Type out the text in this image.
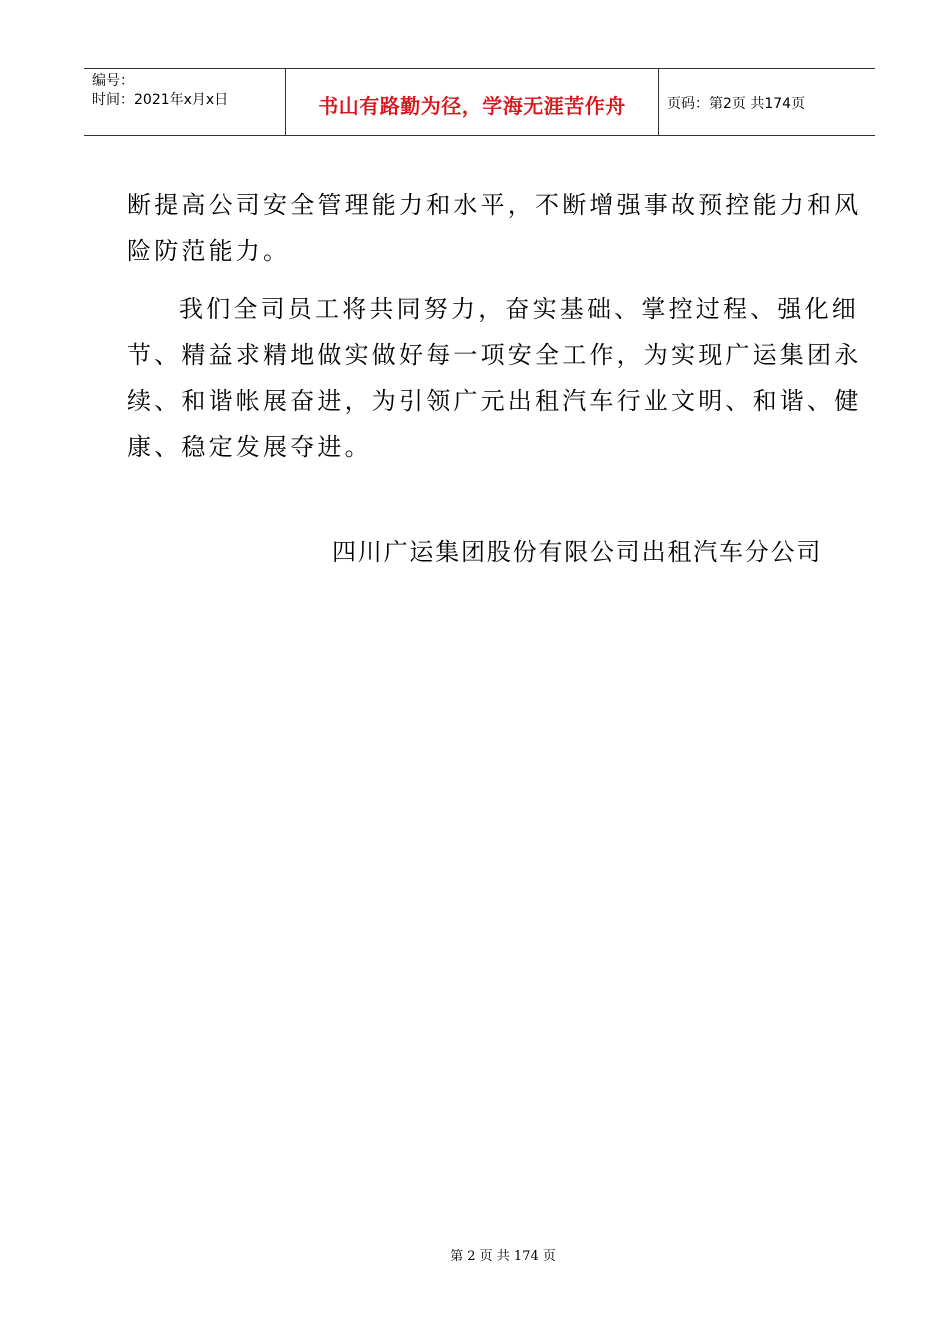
编号：
时间：2021年x月x日	书山有路勤为径，学海无涯苦作舟	页码：第2页 共174页
断提高公司安全管理能力和水平，不断增强事故预控能力和风
险防范能力。
我们全司员工将共同努力，奋实基础、掌控过程、强化细
节、精益求精地做实做好每一项安全工作，为实现广运集团永
续、和谐帐展奋进，为引领广元出租汽车行业文明、和谐、健
康、稳定发展夺进。
四川广运集团股份有限公司出租汽车分公司
第 2 页 共 174 页
